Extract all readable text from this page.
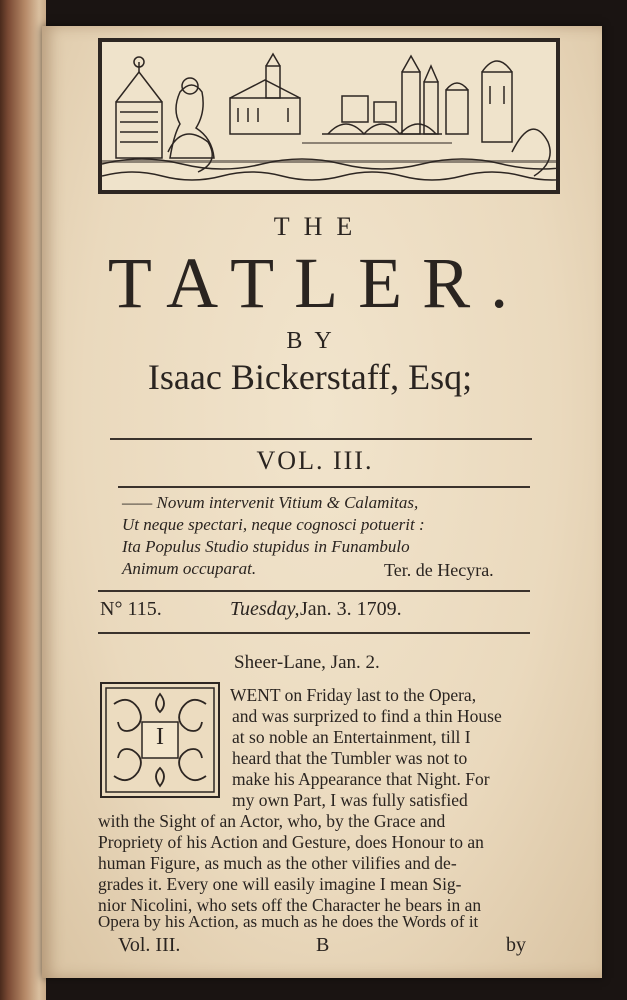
THE
TATLER.
BY
Isaac Bickerstaff, Esq;
VOL. III.
—— Novum intervenit Vitium & Calamitas,
Ut neque spectari, neque cognosci potuerit :
Ita Populus Studio stupidus in Funambulo
Animum occuparat.	Ter. de Hecyra.
N° 115.	Tuesday, Jan. 3. 1709.
Sheer-Lane, Jan. 2.
I
WENT on Friday last to the Opera,
and was surprized to find a thin House
at so noble an Entertainment, till I
heard that the Tumbler was not to
make his Appearance that Night. For
my own Part, I was fully satisfied
with the Sight of an Actor, who, by the Grace and
Propriety of his Action and Gesture, does Honour to an
human Figure, as much as the other vilifies and de-
grades it. Every one will easily imagine I mean Sig-
nior Nicolini, who sets off the Character he bears in an
Opera by his Action, as much as he does the Words of it
Vol. III.	B	by
